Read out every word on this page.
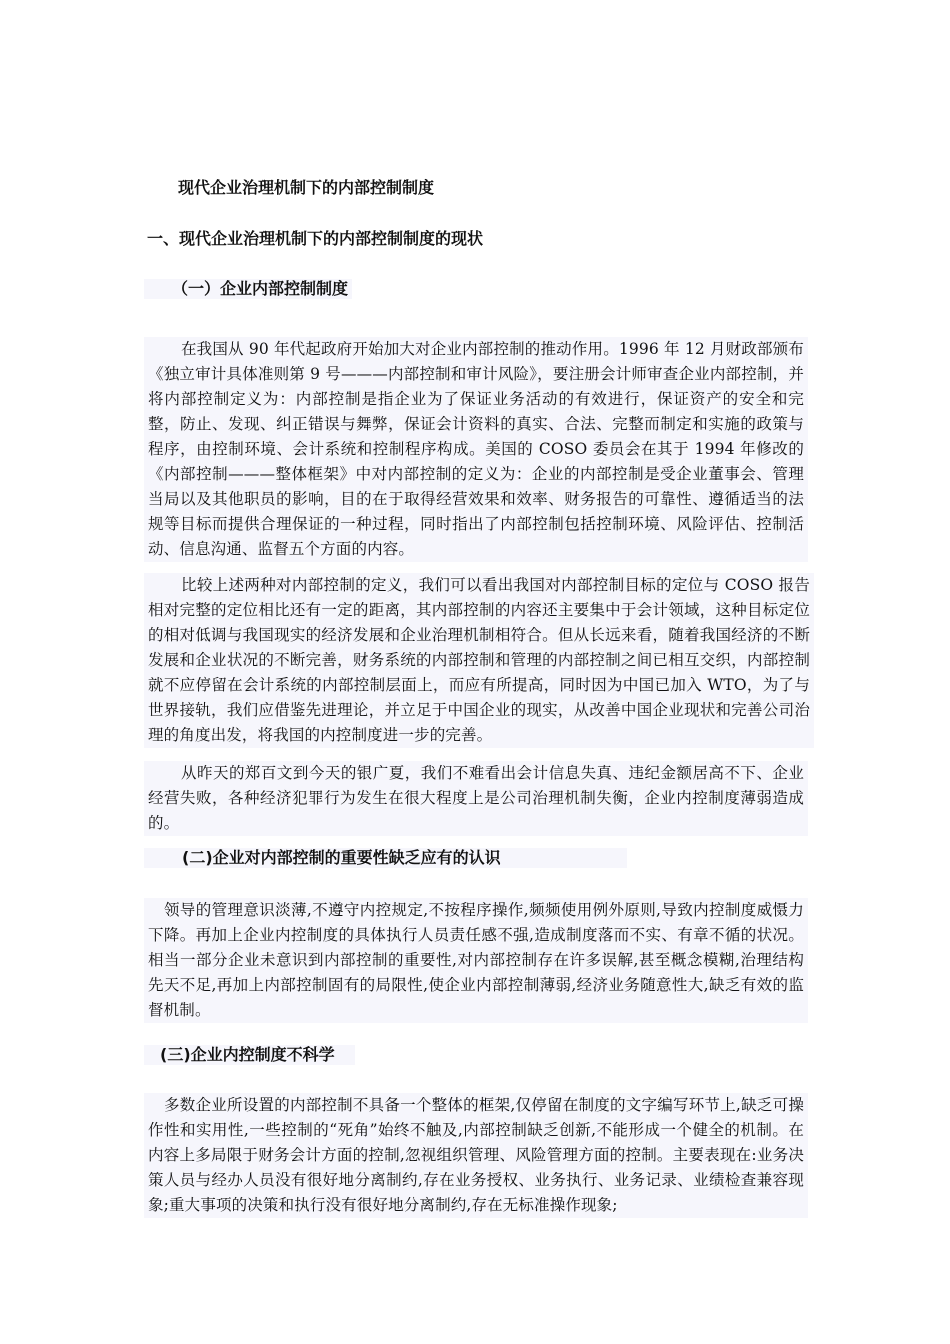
现代企业治理机制下的内部控制制度
一、现代企业治理机制下的内部控制制度的现状
（一）企业内部控制制度
在我国从 90 年代起政府开始加大对企业内部控制的推动作用。1996 年 12 月财政部颁布《独立审计具体准则第 9 号———内部控制和审计风险》，要注册会计师审查企业内部控制，并将内部控制定义为：内部控制是指企业为了保证业务活动的有效进行，保证资产的安全和完整，防止、发现、纠正错误与舞弊，保证会计资料的真实、合法、完整而制定和实施的政策与程序，由控制环境、会计系统和控制程序构成。美国的 COSO 委员会在其于 1994 年修改的《内部控制———整体框架》中对内部控制的定义为：企业的内部控制是受企业董事会、管理当局以及其他职员的影响，目的在于取得经营效果和效率、财务报告的可靠性、遵循适当的法规等目标而提供合理保证的一种过程，同时指出了内部控制包括控制环境、风险评估、控制活动、信息沟通、监督五个方面的内容。
比较上述两种对内部控制的定义，我们可以看出我国对内部控制目标的定位与 COSO 报告相对完整的定位相比还有一定的距离，其内部控制的内容还主要集中于会计领域，这种目标定位的相对低调与我国现实的经济发展和企业治理机制相符合。但从长远来看，随着我国经济的不断发展和企业状况的不断完善，财务系统的内部控制和管理的内部控制之间已相互交织，内部控制就不应停留在会计系统的内部控制层面上，而应有所提高，同时因为中国已加入 WTO，为了与世界接轨，我们应借鉴先进理论，并立足于中国企业的现实，从改善中国企业现状和完善公司治理的角度出发，将我国的内控制度进一步的完善。
从昨天的郑百文到今天的银广夏，我们不难看出会计信息失真、违纪金额居高不下、企业经营失败，各种经济犯罪行为发生在很大程度上是公司治理机制失衡，企业内控制度薄弱造成的。
(二)企业对内部控制的重要性缺乏应有的认识
领导的管理意识淡薄,不遵守内控规定,不按程序操作,频频使用例外原则,导致内控制度威慑力下降。再加上企业内控制度的具体执行人员责任感不强,造成制度落而不实、有章不循的状况。相当一部分企业未意识到内部控制的重要性,对内部控制存在许多误解,甚至概念模糊,治理结构先天不足,再加上内部控制固有的局限性,使企业内部控制薄弱,经济业务随意性大,缺乏有效的监督机制。
(三)企业内控制度不科学
多数企业所设置的内部控制不具备一个整体的框架,仅停留在制度的文字编写环节上,缺乏可操作性和实用性,一些控制的“死角”始终不触及,内部控制缺乏创新,不能形成一个健全的机制。在内容上多局限于财务会计方面的控制,忽视组织管理、风险管理方面的控制。主要表现在:业务决策人员与经办人员没有很好地分离制约,存在业务授权、业务执行、业务记录、业绩检查兼容现象;重大事项的决策和执行没有很好地分离制约,存在无标准操作现象;
